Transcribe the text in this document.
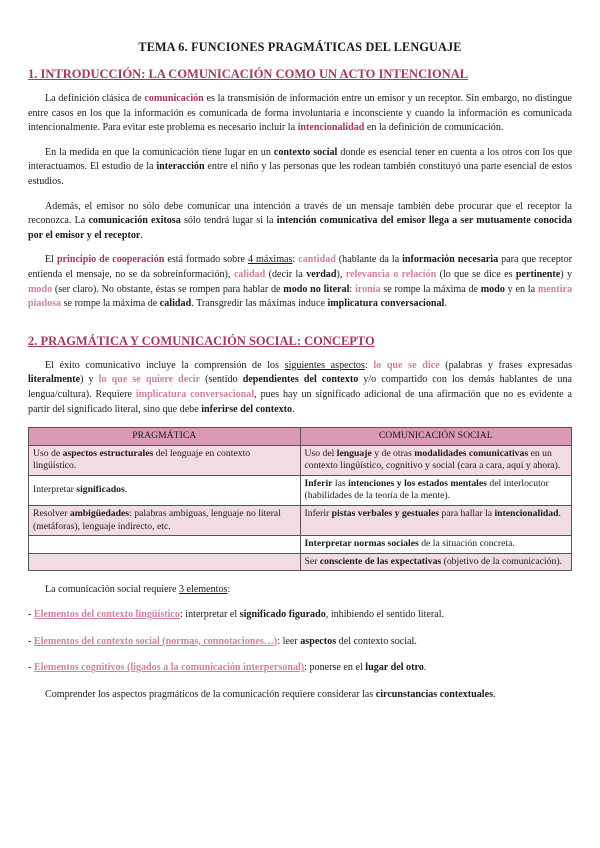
TEMA 6. FUNCIONES PRAGMÁTICAS DEL LENGUAJE
1. INTRODUCCIÓN: LA COMUNICACIÓN COMO UN ACTO INTENCIONAL

La definición clásica de comunicación es la transmisión de información entre un emisor y un receptor. Sin embargo, no distingue entre casos en los que la información es comunicada de forma involuntaria e inconsciente y cuando la información es comunicada intencionalmente. Para evitar este problema es necesario incluir la intencionalidad en la definición de comunicación.

En la medida en que la comunicación tiene lugar en un contexto social donde es esencial tener en cuenta a los otros con los que interactuamos. El estudio de la interacción entre el niño y las personas que les rodean también constituyó una parte esencial de estos estudios.

Además, el emisor no sólo debe comunicar una intención a través de un mensaje también debe procurar que el receptor la reconozca. La comunicación exitosa sólo tendrá lugar si la intención comunicativa del emisor llega a ser mutuamente conocida por el emisor y el receptor.

El principio de cooperación está formado sobre 4 máximas: cantidad (hablante da la información necesaria para que receptor entienda el mensaje, no se da sobreinformación), calidad (decir la verdad), relevancia o relación (lo que se dice es pertinente) y modo (ser claro). No obstante, éstas se rompen para hablar de modo no literal: ironía se rompe la máxima de modo y en la mentira piadosa se rompe la máxima de calidad. Transgredir las máximas induce implicatura conversacional.

2. PRAGMÁTICA Y COMUNICACIÓN SOCIAL: CONCEPTO

El éxito comunicativo incluye la comprensión de los siguientes aspectos: lo que se dice (palabras y frases expresadas literalmente) y lo que se quiere decir (sentido dependientes del contexto y/o compartido con los demás hablantes de una lengua/cultura). Requiere implicatura conversacional, pues hay un significado adicional de una afirmación que no es evidente a partir del significado literal, sino que debe inferirse del contexto.

PRAGMÁTICA	COMUNICACIÓN SOCIAL
Uso de aspectos estructurales del lenguaje en contexto lingüístico.	Uso del lenguaje y de otras modalidades comunicativas en un contexto lingüístico, cognitivo y social (cara a cara, aquí y ahora).
Interpretar significados.	Inferir las intenciones y los estados mentales del interlocutor (habilidades de la teoría de la mente).
Resolver ambigüedades: palabras ambiguas, lenguaje no literal (metáforas), lenguaje indirecto, etc.	Inferir pistas verbales y gestuales para hallar la intencionalidad.
	Interpretar normas sociales de la situación concreta.
	Ser consciente de las expectativas (objetivo de la comunicación).

La comunicación social requiere 3 elementos:

- Elementos del contexto lingüístico: interpretar el significado figurado, inhibiendo el sentido literal.

- Elementos del contexto social (normas, connotaciones…): leer aspectos del contexto social.

- Elementos cognitivos (ligados a la comunicación interpersonal): ponerse en el lugar del otro.

Comprender los aspectos pragmáticos de la comunicación requiere considerar las circunstancias contextuales.
